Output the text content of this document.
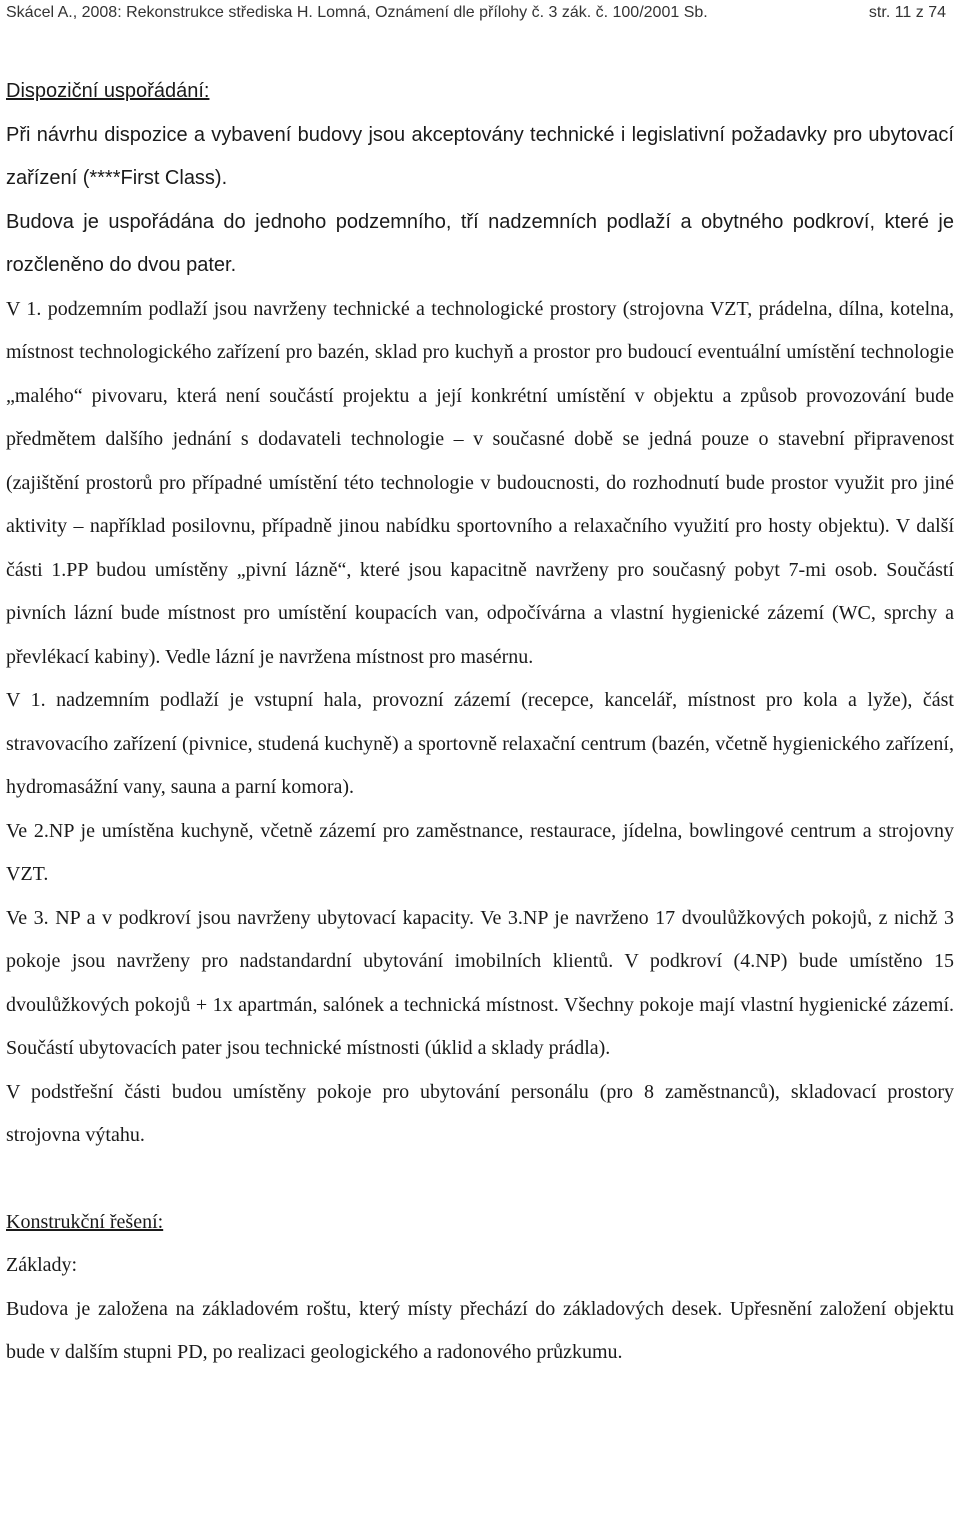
Skácel A., 2008: Rekonstrukce střediska H. Lomná, Oznámení dle přílohy č. 3 zák. č. 100/2001 Sb.	str. 11 z 74

Dispoziční uspořádání:

Při návrhu dispozice a vybavení budovy jsou akceptovány technické i legislativní požadavky pro ubytovací zařízení (****First Class).

Budova je uspořádána do jednoho podzemního, tří nadzemních podlaží a obytného podkroví, které je rozčleněno do dvou pater.

V 1. podzemním podlaží jsou navrženy technické a technologické prostory (strojovna VZT, prádelna, dílna, kotelna, místnost technologického zařízení pro bazén, sklad pro kuchyň a prostor pro budoucí eventuální umístění technologie „malého“ pivovaru, která není součástí projektu a její konkrétní umístění v objektu a způsob provozování bude předmětem dalšího jednání s dodavateli technologie – v současné době se jedná pouze o stavební připravenost (zajištění prostorů pro případné umístění této technologie v budoucnosti, do rozhodnutí bude prostor využit pro jiné aktivity – například posilovnu, případně jinou nabídku sportovního a relaxačního využití pro hosty objektu). V další části 1.PP budou umístěny „pivní lázně“, které jsou kapacitně navrženy pro současný pobyt 7-mi osob. Součástí pivních lázní bude místnost pro umístění koupacích van, odpočívárna a vlastní hygienické zázemí (WC, sprchy a převlékací kabiny). Vedle lázní je navržena místnost pro masérnu.

V 1. nadzemním podlaží je vstupní hala, provozní zázemí (recepce, kancelář, místnost pro kola a lyže), část stravovacího zařízení (pivnice, studená kuchyně) a sportovně relaxační centrum (bazén, včetně hygienického zařízení, hydromasážní vany, sauna a parní komora).

Ve 2.NP je umístěna kuchyně, včetně zázemí pro zaměstnance, restaurace, jídelna, bowlingové centrum a strojovny VZT.

Ve 3. NP a v podkroví jsou navrženy ubytovací kapacity. Ve 3.NP je navrženo 17 dvoulůžkových pokojů, z nichž 3 pokoje jsou navrženy pro nadstandardní ubytování imobilních klientů. V podkroví (4.NP) bude umístěno 15 dvoulůžkových pokojů + 1x apartmán, salónek a technická místnost. Všechny pokoje mají vlastní hygienické zázemí. Součástí ubytovacích pater jsou technické místnosti (úklid a sklady prádla).

V podstřešní části budou umístěny pokoje pro ubytování personálu (pro 8 zaměstnanců), skladovací prostory strojovna výtahu.

Konstrukční řešení:

Základy:

Budova je založena na základovém roštu, který místy přechází do základových desek. Upřesnění založení objektu bude v dalším stupni PD, po realizaci geologického a radonového průzkumu.
